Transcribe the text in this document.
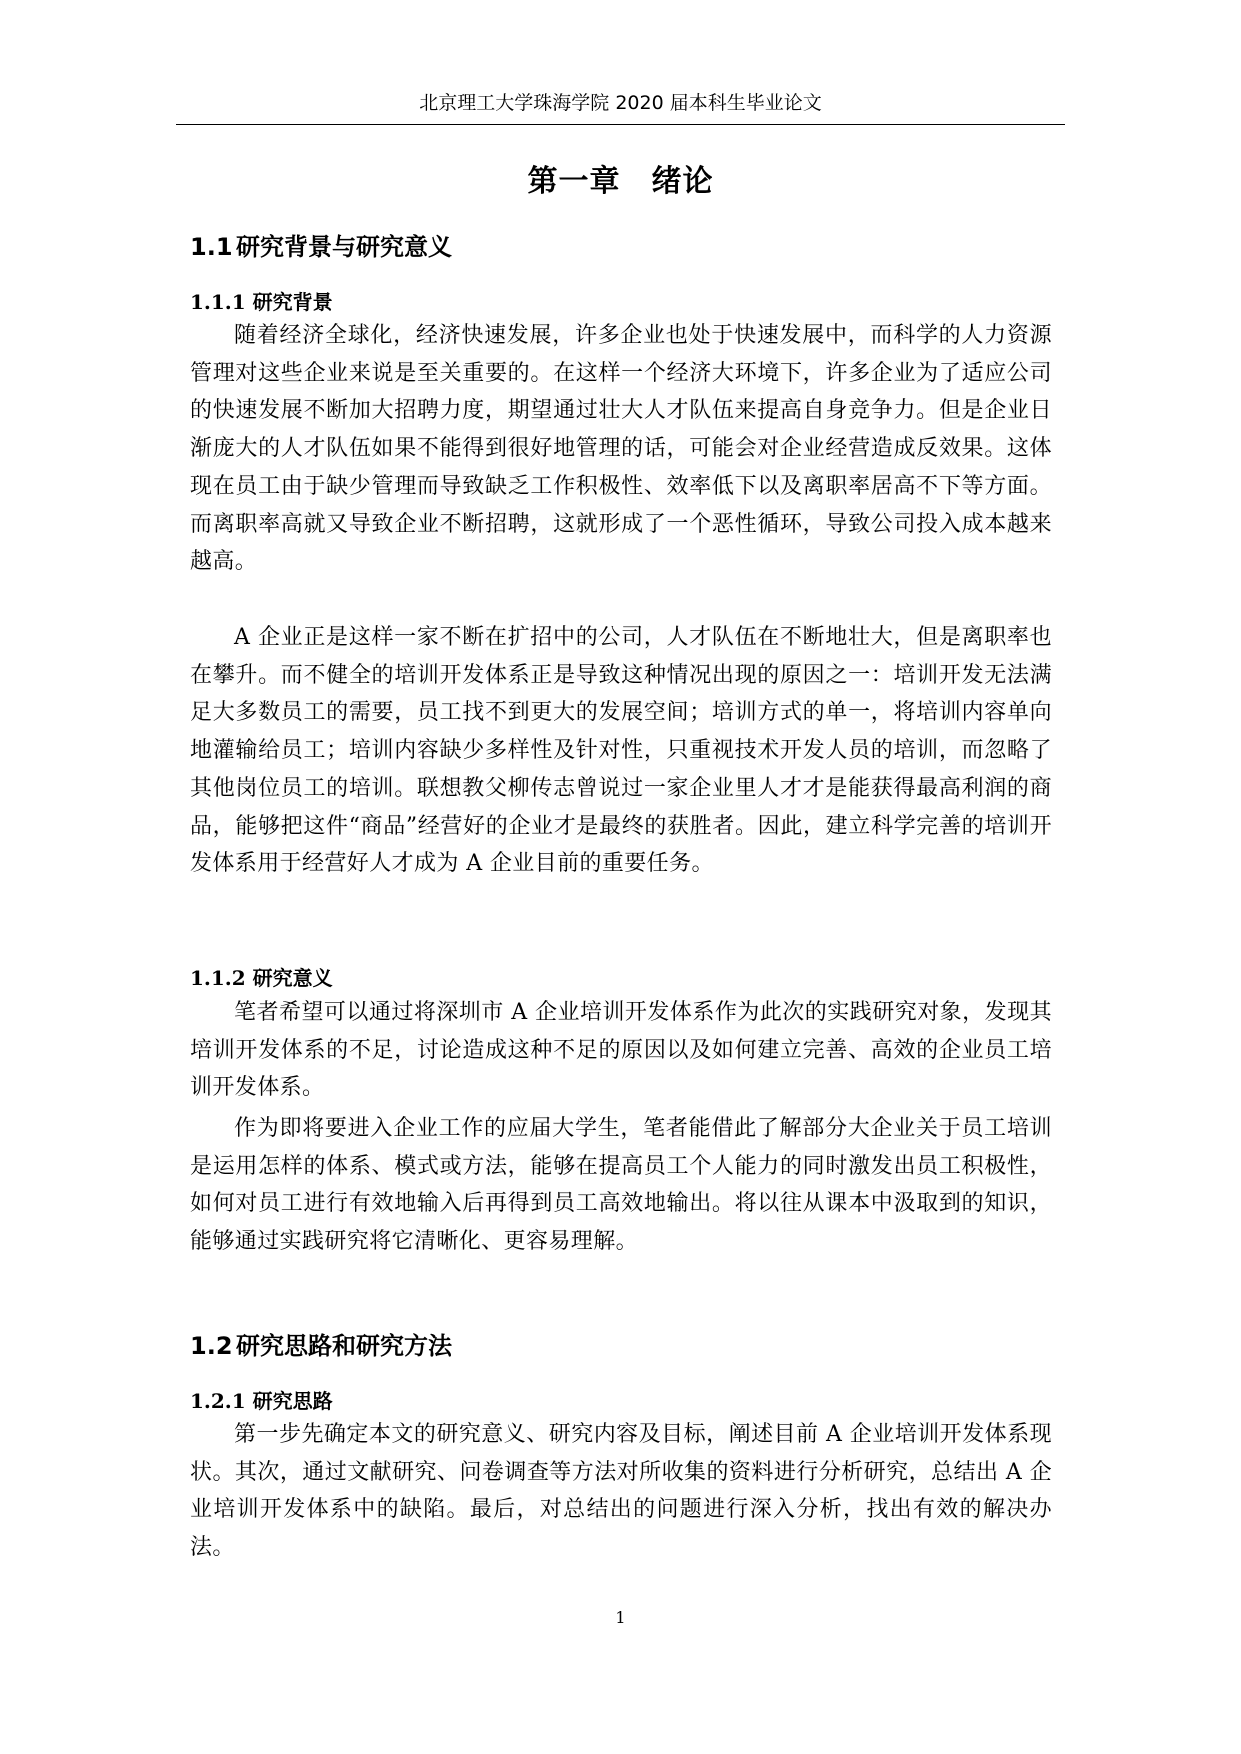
北京理工大学珠海学院 2020 届本科生毕业论文
第一章　绪论
1.1 研究背景与研究意义
1.1.1 研究背景
随着经济全球化，经济快速发展，许多企业也处于快速发展中，而科学的人力资源管理对这些企业来说是至关重要的。在这样一个经济大环境下，许多企业为了适应公司的快速发展不断加大招聘力度，期望通过壮大人才队伍来提高自身竞争力。但是企业日渐庞大的人才队伍如果不能得到很好地管理的话，可能会对企业经营造成反效果。这体现在员工由于缺少管理而导致缺乏工作积极性、效率低下以及离职率居高不下等方面。而离职率高就又导致企业不断招聘，这就形成了一个恶性循环，导致公司投入成本越来越高。
A 企业正是这样一家不断在扩招中的公司，人才队伍在不断地壮大，但是离职率也在攀升。而不健全的培训开发体系正是导致这种情况出现的原因之一：培训开发无法满足大多数员工的需要，员工找不到更大的发展空间；培训方式的单一，将培训内容单向地灌输给员工；培训内容缺少多样性及针对性，只重视技术开发人员的培训，而忽略了其他岗位员工的培训。联想教父柳传志曾说过一家企业里人才才是能获得最高利润的商品，能够把这件“商品”经营好的企业才是最终的获胜者。因此，建立科学完善的培训开发体系用于经营好人才成为 A 企业目前的重要任务。
1.1.2 研究意义
笔者希望可以通过将深圳市 A 企业培训开发体系作为此次的实践研究对象，发现其培训开发体系的不足，讨论造成这种不足的原因以及如何建立完善、高效的企业员工培训开发体系。
作为即将要进入企业工作的应届大学生，笔者能借此了解部分大企业关于员工培训是运用怎样的体系、模式或方法，能够在提高员工个人能力的同时激发出员工积极性，如何对员工进行有效地输入后再得到员工高效地输出。将以往从课本中汲取到的知识，能够通过实践研究将它清晰化、更容易理解。
1.2 研究思路和研究方法
1.2.1 研究思路
第一步先确定本文的研究意义、研究内容及目标，阐述目前 A 企业培训开发体系现状。其次，通过文献研究、问卷调查等方法对所收集的资料进行分析研究，总结出 A 企业培训开发体系中的缺陷。最后，对总结出的问题进行深入分析，找出有效的解决办法。
1
